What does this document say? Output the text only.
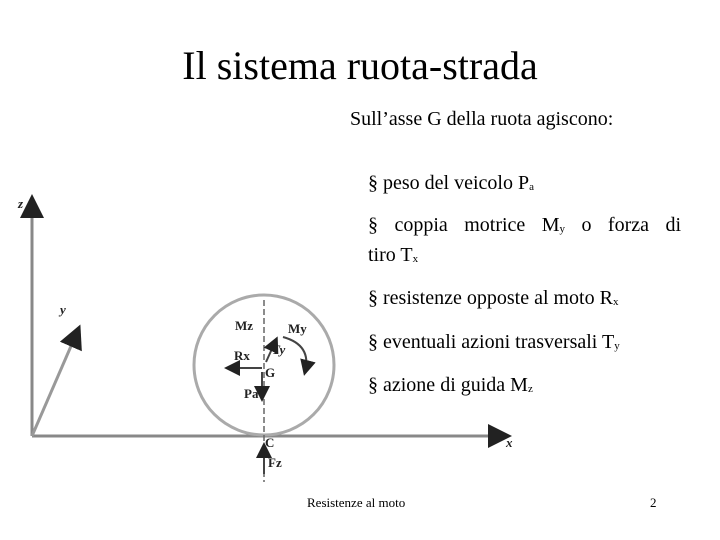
Il sistema ruota-strada
Sull’asse G della ruota agiscono:
§ peso del veicolo $P_a$
§ coppia motrice $M_y$ o forza di
tiro $T_x$
§ resistenze opposte al moto $R_x$
§ eventuali azioni trasversali $T_y$
§ azione di guida $M_z$
z
y
x
Mz	My
Ty
Rx
G
Pa
C
Fz
Resistenze al moto	2
